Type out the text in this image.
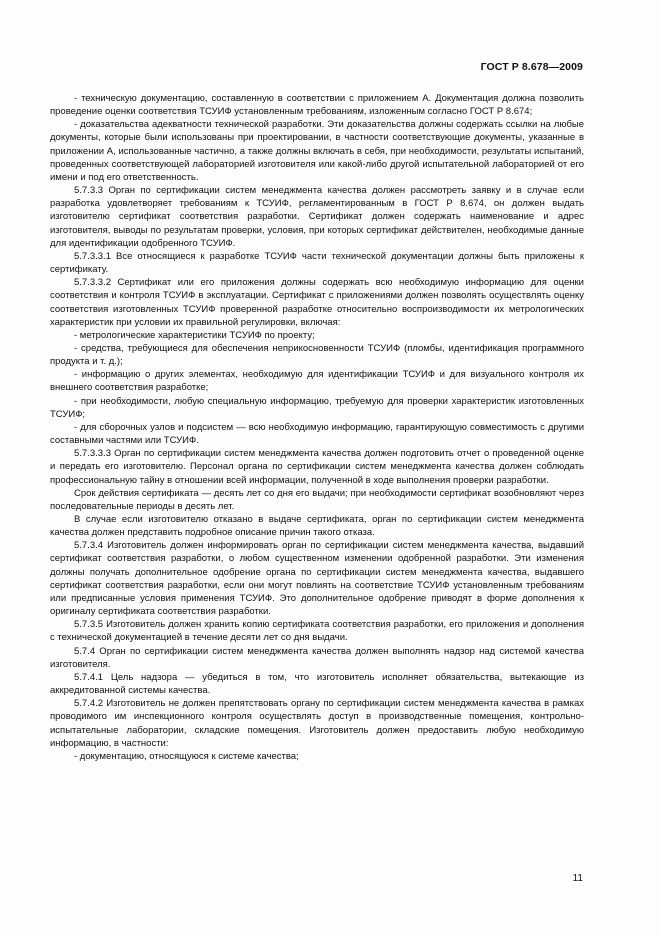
ГОСТ Р 8.678—2009

- техническую документацию, составленную в соответствии с приложением А. Документация должна позволить проведение оценки соответствия ТСУИФ установленным требованиям, изложенным согласно ГОСТ Р 8.674;

- доказательства адекватности технической разработки. Эти доказательства должны содержать ссылки на любые документы, которые были использованы при проектировании, в частности соответствующие документы, указанные в приложении А, использованные частично, а также должны включать в себя, при необходимости, результаты испытаний, проведенных соответствующей лабораторией изготовителя или какой-либо другой испытательной лабораторией от его имени и под его ответственность.

5.7.3.3 Орган по сертификации систем менеджмента качества должен рассмотреть заявку и в случае если разработка удовлетворяет требованиям к ТСУИФ, регламентированным в ГОСТ Р 8.674, он должен выдать изготовителю сертификат соответствия разработки. Сертификат должен содержать наименование и адрес изготовителя, выводы по результатам проверки, условия, при которых сертификат действителен, необходимые данные для идентификации одобренного ТСУИФ.

5.7.3.3.1 Все относящиеся к разработке ТСУИФ части технической документации должны быть приложены к сертификату.

5.7.3.3.2 Сертификат или его приложения должны содержать всю необходимую информацию для оценки соответствия и контроля ТСУИФ в эксплуатации. Сертификат с приложениями должен позволять осуществлять оценку соответствия изготовленных ТСУИФ проверенной разработке относительно воспроизводимости их метрологических характеристик при условии их правильной регулировки, включая:

- метрологические характеристики ТСУИФ по проекту;

- средства, требующиеся для обеспечения неприкосновенности ТСУИФ (пломбы, идентификация программного продукта и т. д.);

- информацию о других элементах, необходимую для идентификации ТСУИФ и для визуального контроля их внешнего соответствия разработке;

- при необходимости, любую специальную информацию, требуемую для проверки характеристик изготовленных ТСУИФ;

- для сборочных узлов и подсистем — всю необходимую информацию, гарантирующую совместимость с другими составными частями или ТСУИФ.

5.7.3.3.3 Орган по сертификации систем менеджмента качества должен подготовить отчет о проведенной оценке и передать его изготовителю. Персонал органа по сертификации систем менеджмента качества должен соблюдать профессиональную тайну в отношении всей информации, полученной в ходе выполнения проверки разработки.

Срок действия сертификата — десять лет со дня его выдачи; при необходимости сертификат возобновляют через последовательные периоды в десять лет.

В случае если изготовителю отказано в выдаче сертификата, орган по сертификации систем менеджмента качества должен представить подробное описание причин такого отказа.

5.7.3.4 Изготовитель должен информировать орган по сертификации систем менеджмента качества, выдавший сертификат соответствия разработки, о любом существенном изменении одобренной разработки. Эти изменения должны получать дополнительное одобрение органа по сертификации систем менеджмента качества, выдавшего сертификат соответствия разработки, если они могут повлиять на соответствие ТСУИФ установленным требованиям или предписанные условия применения ТСУИФ. Это дополнительное одобрение приводят в форме дополнения к оригиналу сертификата соответствия разработки.

5.7.3.5 Изготовитель должен хранить копию сертификата соответствия разработки, его приложения и дополнения с технической документацией в течение десяти лет со дня выдачи.

5.7.4 Орган по сертификации систем менеджмента качества должен выполнять надзор над системой качества изготовителя.

5.7.4.1 Цель надзора — убедиться в том, что изготовитель исполняет обязательства, вытекающие из аккредитованной системы качества.

5.7.4.2 Изготовитель не должен препятствовать органу по сертификации систем менеджмента качества в рамках проводимого им инспекционного контроля осуществлять доступ в производственные помещения, контрольно-испытательные лаборатории, складские помещения. Изготовитель должен предоставить любую необходимую информацию, в частности:

- документацию, относящуюся к системе качества;

11
